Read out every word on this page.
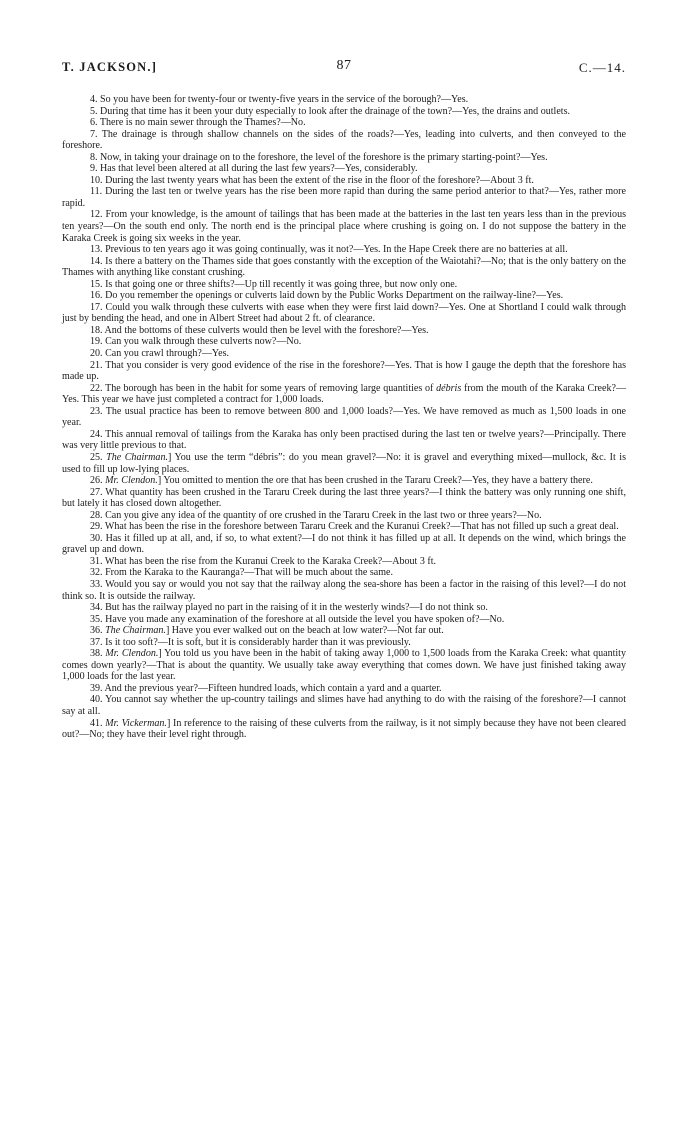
T. JACKSON.]	87	C.—14.

4. So you have been for twenty-four or twenty-five years in the service of the borough?—Yes.

5. During that time has it been your duty especially to look after the drainage of the town?—Yes, the drains and outlets.

6. There is no main sewer through the Thames?—No.

7. The drainage is through shallow channels on the sides of the roads?—Yes, leading into culverts, and then conveyed to the foreshore.

8. Now, in taking your drainage on to the foreshore, the level of the foreshore is the primary starting-point?—Yes.

9. Has that level been altered at all during the last few years?—Yes, considerably.

10. During the last twenty years what has been the extent of the rise in the floor of the foreshore?—About 3 ft.

11. During the last ten or twelve years has the rise been more rapid than during the same period anterior to that?—Yes, rather more rapid.

12. From your knowledge, is the amount of tailings that has been made at the batteries in the last ten years less than in the previous ten years?—On the south end only. The north end is the principal place where crushing is going on. I do not suppose the battery in the Karaka Creek is going six weeks in the year.

13. Previous to ten years ago it was going continually, was it not?—Yes. In the Hape Creek there are no batteries at all.

14. Is there a battery on the Thames side that goes constantly with the exception of the Waiotahi?—No; that is the only battery on the Thames with anything like constant crushing.

15. Is that going one or three shifts?—Up till recently it was going three, but now only one.

16. Do you remember the openings or culverts laid down by the Public Works Department on the railway-line?—Yes.

17. Could you walk through these culverts with ease when they were first laid down?—Yes. One at Shortland I could walk through just by bending the head, and one in Albert Street had about 2 ft. of clearance.

18. And the bottoms of these culverts would then be level with the foreshore?—Yes.

19. Can you walk through these culverts now?—No.

20. Can you crawl through?—Yes.

21. That you consider is very good evidence of the rise in the foreshore?—Yes. That is how I gauge the depth that the foreshore has made up.

22. The borough has been in the habit for some years of removing large quantities of débris from the mouth of the Karaka Creek?—Yes. This year we have just completed a contract for 1,000 loads.

23. The usual practice has been to remove between 800 and 1,000 loads?—Yes. We have removed as much as 1,500 loads in one year.

24. This annual removal of tailings from the Karaka has only been practised during the last ten or twelve years?—Principally. There was very little previous to that.

25. The Chairman.] You use the term “débris”: do you mean gravel?—No: it is gravel and everything mixed—mullock, &c. It is used to fill up low-lying places.

26. Mr. Clendon.] You omitted to mention the ore that has been crushed in the Tararu Creek?—Yes, they have a battery there.

27. What quantity has been crushed in the Tararu Creek during the last three years?—I think the battery was only running one shift, but lately it has closed down altogether.

28. Can you give any idea of the quantity of ore crushed in the Tararu Creek in the last two or three years?—No.

29. What has been the rise in the foreshore between Tararu Creek and the Kuranui Creek?—That has not filled up such a great deal.

30. Has it filled up at all, and, if so, to what extent?—I do not think it has filled up at all. It depends on the wind, which brings the gravel up and down.

31. What has been the rise from the Kuranui Creek to the Karaka Creek?—About 3 ft.

32. From the Karaka to the Kauranga?—That will be much about the same.

33. Would you say or would you not say that the railway along the sea-shore has been a factor in the raising of this level?—I do not think so. It is outside the railway.

34. But has the railway played no part in the raising of it in the westerly winds?—I do not think so.

35. Have you made any examination of the foreshore at all outside the level you have spoken of?—No.

36. The Chairman.] Have you ever walked out on the beach at low water?—Not far out.

37. Is it too soft?—It is soft, but it is considerably harder than it was previously.

38. Mr. Clendon.] You told us you have been in the habit of taking away 1,000 to 1,500 loads from the Karaka Creek: what quantity comes down yearly?—That is about the quantity. We usually take away everything that comes down. We have just finished taking away 1,000 loads for the last year.

39. And the previous year?—Fifteen hundred loads, which contain a yard and a quarter.

40. You cannot say whether the up-country tailings and slimes have had anything to do with the raising of the foreshore?—I cannot say at all.

41. Mr. Vickerman.] In reference to the raising of these culverts from the railway, is it not simply because they have not been cleared out?—No; they have their level right through.
